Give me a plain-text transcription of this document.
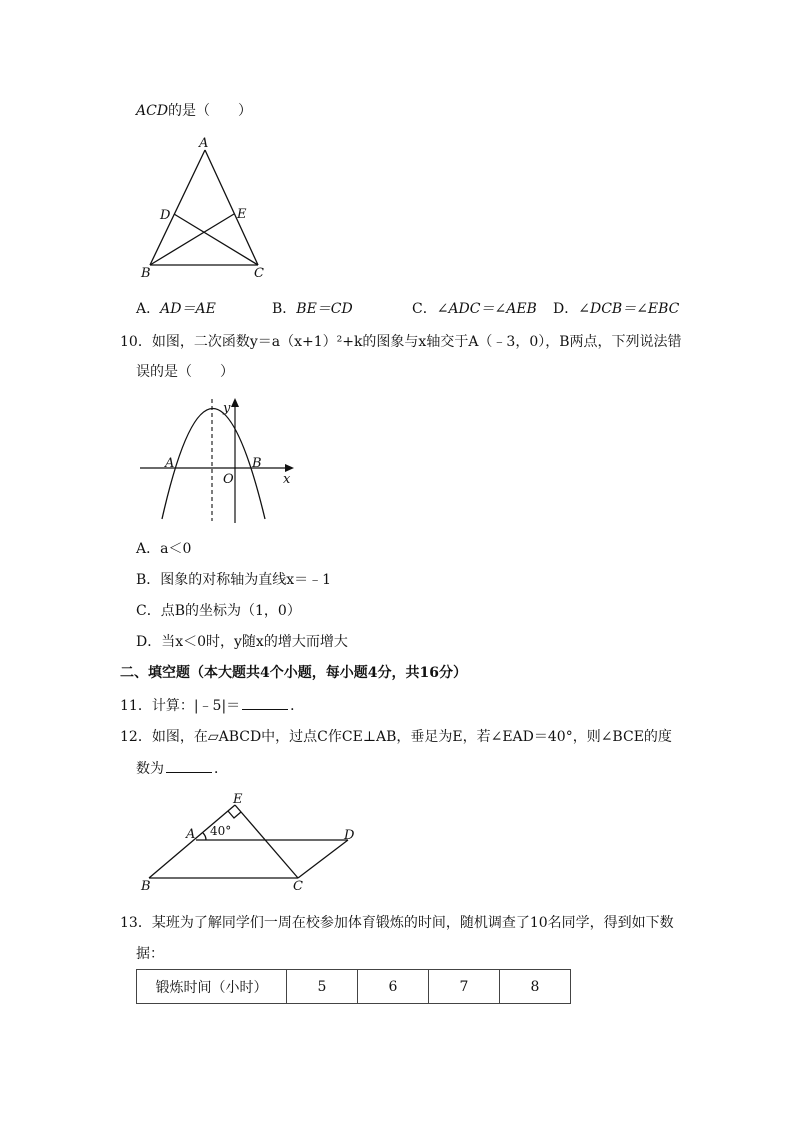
ACD的是（　　）
A
D	E
B	C
A．AD＝AE	B．BE＝CD	C．∠ADC＝∠AEB D．∠DCB＝∠EBC
10．如图，二次函数y＝a（x+1）²+k的图象与x轴交于A（﹣3，0），B两点，下列说法错
误的是（　　）
y
A	B
O	x
A．a＜0
B．图象的对称轴为直线x＝﹣1
C．点B的坐标为（1，0）
D．当x＜0时，y随x的增大而增大
二、填空题（本大题共4个小题，每小题4分，共16分）
11．计算：|﹣5|＝	．
12．如图，在▱ABCD中，过点C作CE⊥AB，垂足为E，若∠EAD＝40°，则∠BCE的度
数为	．
E
A	D
B	C
40°
13．某班为了解同学们一周在校参加体育锻炼的时间，随机调查了10名同学，得到如下数
据：
锻炼时间（小时）	5	6	7	8
